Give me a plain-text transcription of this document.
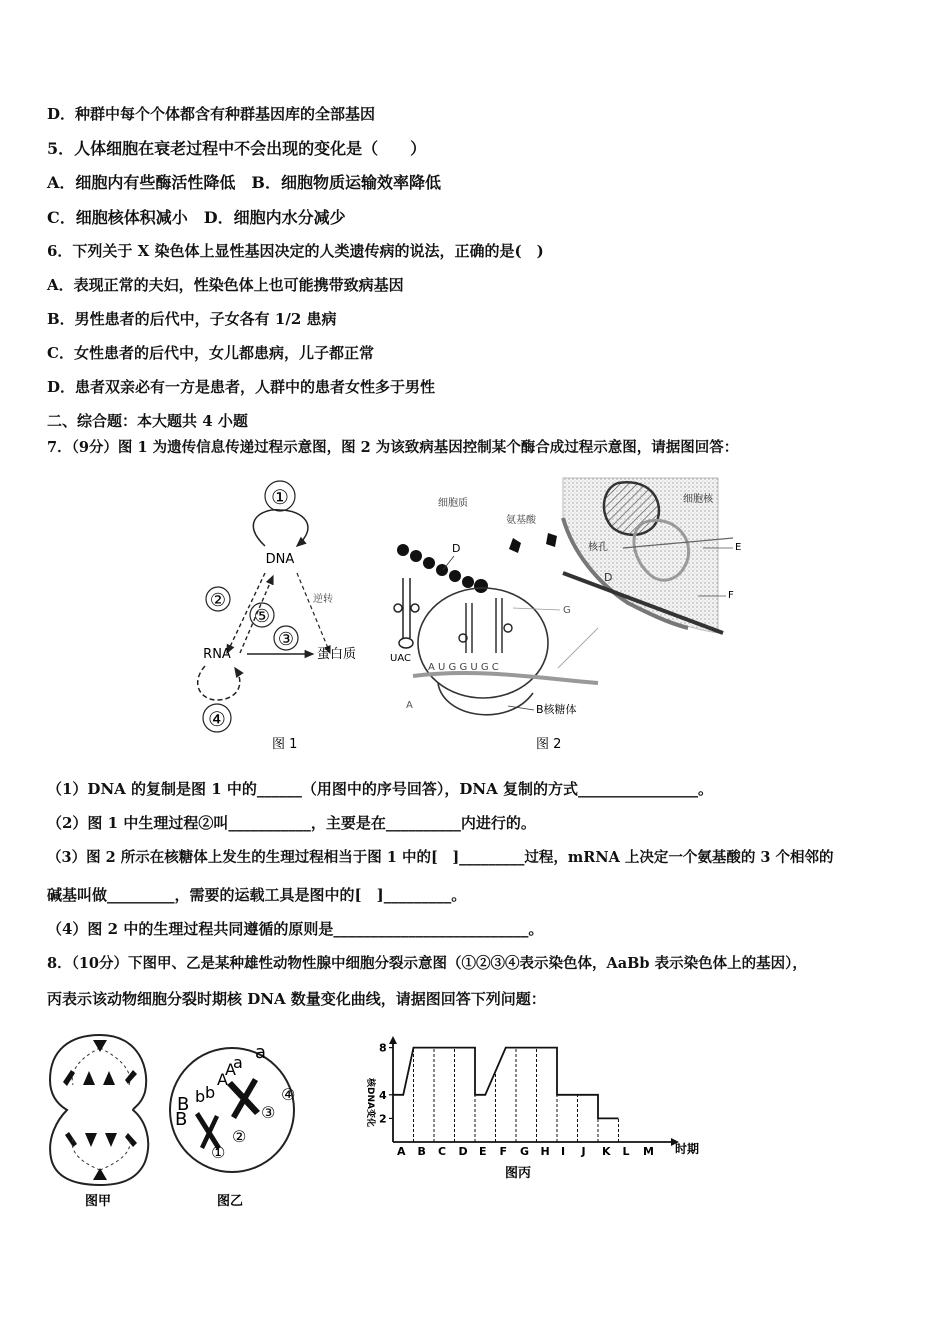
D．种群中每个个体都含有种群基因库的全部基因
5．人体细胞在衰老过程中不会出现的变化是（　　）
A．细胞内有些酶活性降低　B．细胞物质运输效率降低
C．细胞核体积减小　D．细胞内水分减少
6．下列关于 X 染色体上显性基因决定的人类遗传病的说法，正确的是(　)
A．表现正常的夫妇，性染色体上也可能携带致病基因
B．男性患者的后代中，子女各有 1/2 患病
C．女性患者的后代中，女儿都患病，儿子都正常
D．患者双亲必有一方是患者，人群中的患者女性多于男性
二、综合题：本大题共 4 小题
7．（9分）图 1 为遗传信息传递过程示意图，图 2 为该致病基因控制某个酶合成过程示意图，请据图回答：
①
DNA
逆转
②
⑤
③
RNA	蛋白质
④
图 1
细胞核
核孔
D
E
F
细胞质
氨基酸
D
UAC
G
A U G G U G C
A	B核糖体
图 2
（1）DNA 的复制是图 1 中的______（用图中的序号回答），DNA 复制的方式________________。
（2）图 1 中生理过程②叫___________，主要是在__________内进行的。
（3）图 2 所示在核糖体上发生的生理过程相当于图 1 中的[　]_________过程，mRNA 上决定一个氨基酸的 3 个相邻的
碱基叫做_________，需要的运载工具是图中的[　]_________。
（4）图 2 中的生理过程共同遵循的原则是__________________________。
8．（10分）下图甲、乙是某种雄性动物性腺中细胞分裂示意图（①②③④表示染色体，AaBb 表示染色体上的基因），
丙表示该动物细胞分裂时期核 DNA 数量变化曲线，请据图回答下列问题：
图甲
A
a
A
a
B b
B
b
①
②
③
④
图乙
核DNA变化 2
4
8
A B C D E F G H I J K L M 时期
图丙
